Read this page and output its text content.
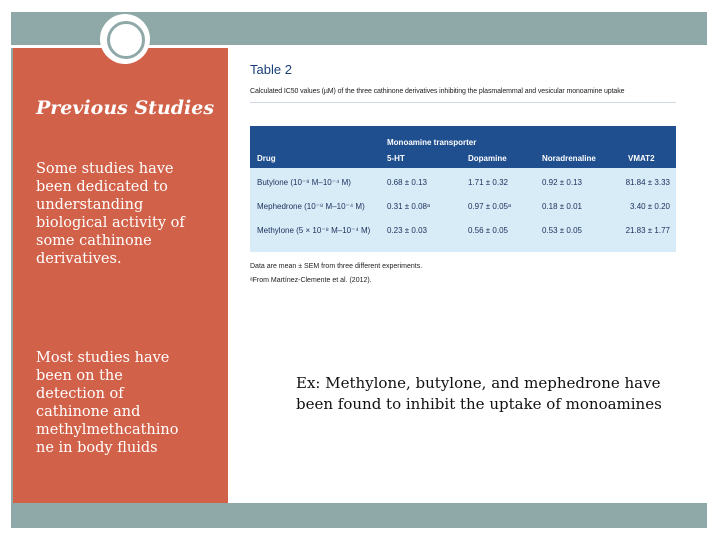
Previous Studies
Some studies have
been dedicated to
understanding
biological activity of
some cathinone
derivatives.
Most studies have
been on the
detection of
cathinone and
methylmethcathino
ne in body fluids
Ex: Methylone, butylone, and mephedrone have been found to inhibit the uptake of monoamines
Table 2
Calculated IC50 values (µM) of the three cathinone derivatives inhibiting the plasmalemmal and vesicular monoamine uptake
Monoamine transporter
Drug	5-HT	Dopamine	Noradrenaline	VMAT2
Butylone (10⁻⁸ M–10⁻⁴ M)	0.68 ± 0.13	1.71 ± 0.32	0.92 ± 0.13	81.84 ± 3.33
Mephedrone (10⁻⁸ M–10⁻⁴ M)	0.31 ± 0.08ᵃ	0.97 ± 0.05ᵃ	0.18 ± 0.01	3.40 ± 0.20
Methylone (5 × 10⁻⁸ M–10⁻⁴ M) 0.23 ± 0.03	0.56 ± 0.05	0.53 ± 0.05	21.83 ± 1.77
Data are mean ± SEM from three different experiments.
ᵃFrom Martínez-Clemente et al. (2012).
